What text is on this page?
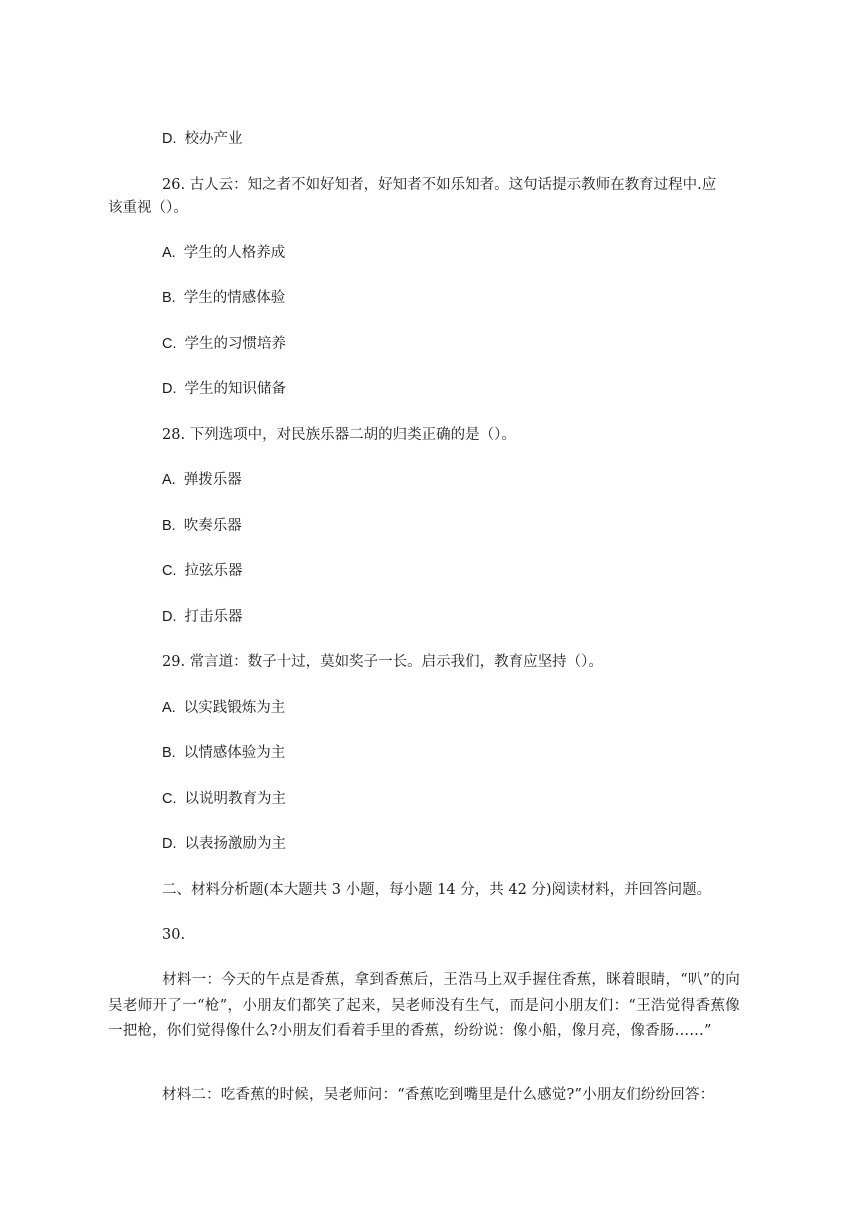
D. 校办产业
26. 古人云：知之者不如好知者，好知者不如乐知者。这句话提示教师在教育过程中.应
该重视（）。
A. 学生的人格养成
B. 学生的情感体验
C. 学生的习惯培养
D. 学生的知识储备
28. 下列选项中，对民族乐器二胡的归类正确的是（）。
A. 弹拨乐器
B. 吹奏乐器
C. 拉弦乐器
D. 打击乐器
29. 常言道：数子十过，莫如奖子一长。启示我们，教育应坚持（）。
A. 以实践锻炼为主
B. 以情感体验为主
C. 以说明教育为主
D. 以表扬激励为主
二、材料分析题(本大题共 3 小题，每小题 14 分，共 42 分)阅读材料，并回答问题。
30.
材料一：今天的午点是香蕉，拿到香蕉后，王浩马上双手握住香蕉，眯着眼睛，“叭”的向吴老师开了一“枪”，小朋友们都笑了起来，吴老师没有生气，而是问小朋友们：“王浩觉得香蕉像一把枪，你们觉得像什么?小朋友们看着手里的香蕉，纷纷说：像小船，像月亮，像香肠……”
材料二：吃香蕉的时候，吴老师问：“香蕉吃到嘴里是什么感觉?”小朋友们纷纷回答：
